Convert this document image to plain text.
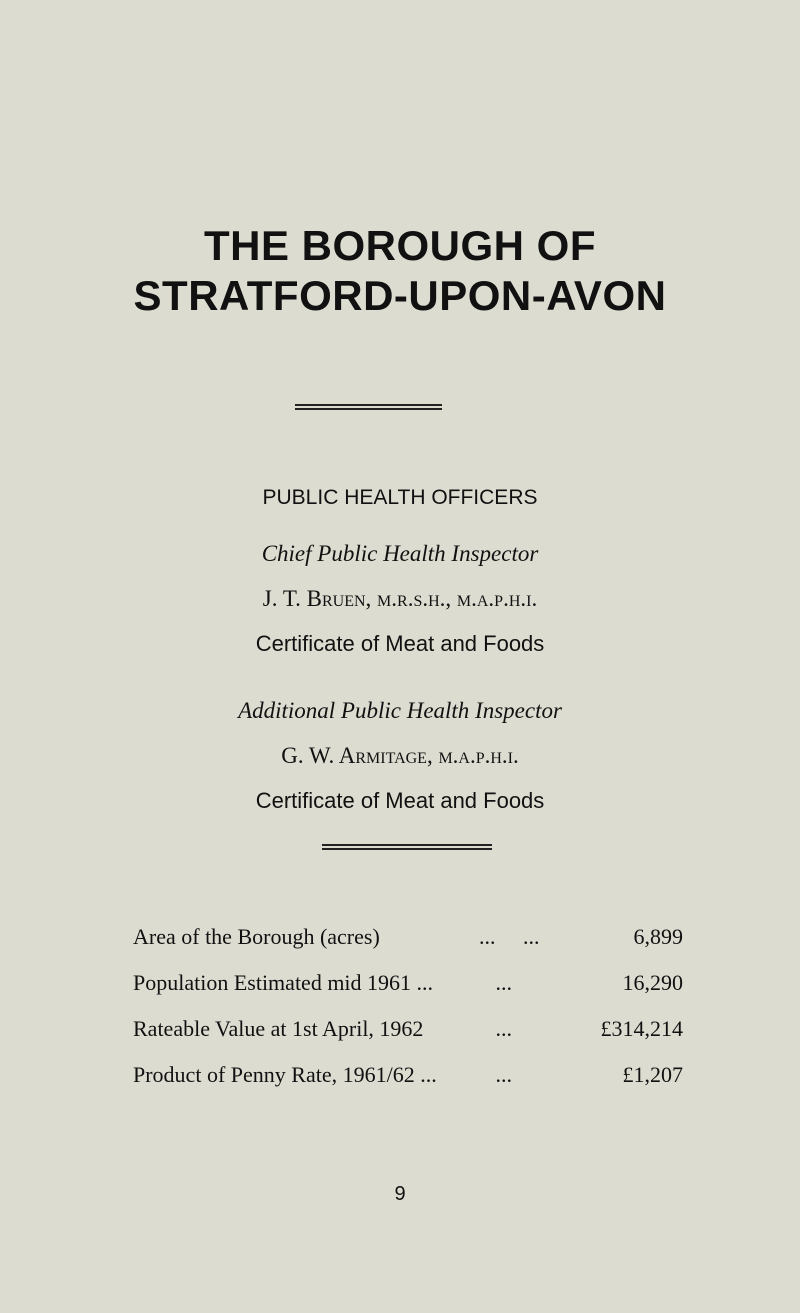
THE BOROUGH OF
STRATFORD-UPON-AVON
PUBLIC HEALTH OFFICERS
Chief Public Health Inspector
J. T. Bruen, m.r.s.h., m.a.p.h.i.
Certificate of Meat and Foods
Additional Public Health Inspector
G. W. Armitage, m.a.p.h.i.
Certificate of Meat and Foods
Area of the Borough (acres)	...     ...	6,899
Population Estimated mid 1961 ... ...	16,290
Rateable Value at 1st April, 1962	...	£314,214
Product of Penny Rate, 1961/62 ... ...	£1,207
9
